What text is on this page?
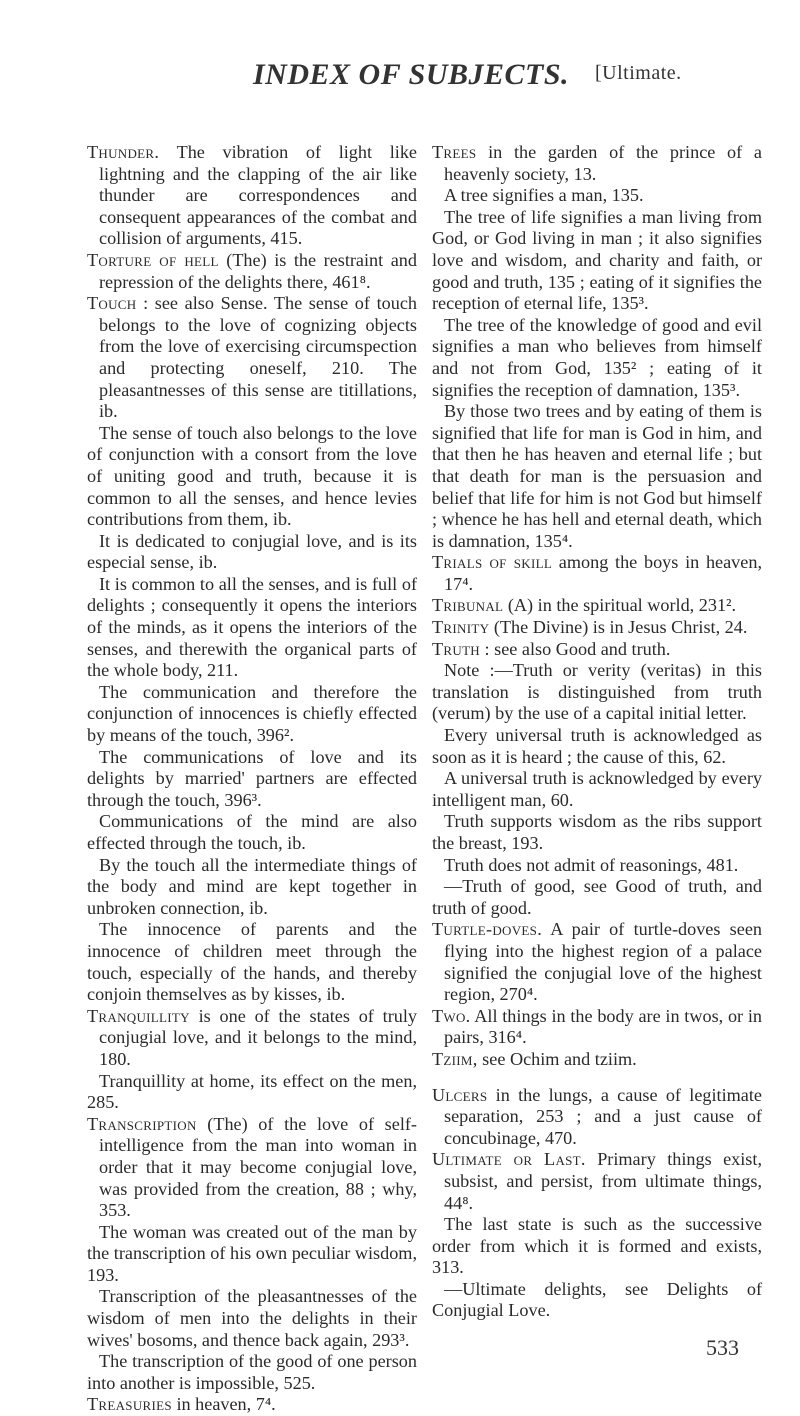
INDEX OF SUBJECTS. [Ultimate.

Thunder. The vibration of light like lightning and the clapping of the air like thunder are correspondences and consequent appearances of the combat and collision of arguments, 415.

Torture of hell (The) is the restraint and repression of the delights there, 461⁸.

Touch : see also Sense. The sense of touch belongs to the love of cognizing objects from the love of exercising circumspection and protecting oneself, 210. The pleasantnesses of this sense are titillations, ib.

The sense of touch also belongs to the love of conjunction with a consort from the love of uniting good and truth, because it is common to all the senses, and hence levies contributions from them, ib.

It is dedicated to conjugial love, and is its especial sense, ib.

It is common to all the senses, and is full of delights ; consequently it opens the interiors of the minds, as it opens the interiors of the senses, and therewith the organical parts of the whole body, 211.

The communication and therefore the conjunction of innocences is chiefly effected by means of the touch, 396².

The communications of love and its delights by married' partners are effected through the touch, 396³.

Communications of the mind are also effected through the touch, ib.

By the touch all the intermediate things of the body and mind are kept together in unbroken connection, ib.

The innocence of parents and the innocence of children meet through the touch, especially of the hands, and thereby conjoin themselves as by kisses, ib.

Tranquillity is one of the states of truly conjugial love, and it belongs to the mind, 180.

Tranquillity at home, its effect on the men, 285.

Transcription (The) of the love of self-intelligence from the man into woman in order that it may become conjugial love, was provided from the creation, 88 ; why, 353.

The woman was created out of the man by the transcription of his own peculiar wisdom, 193.

Transcription of the pleasantnesses of the wisdom of men into the delights in their wives' bosoms, and thence back again, 293³.

The transcription of the good of one person into another is impossible, 525.

Treasuries in heaven, 7⁴.

Trees in the garden of the prince of a heavenly society, 13.

A tree signifies a man, 135.

The tree of life signifies a man living from God, or God living in man ; it also signifies love and wisdom, and charity and faith, or good and truth, 135 ; eating of it signifies the reception of eternal life, 135³.

The tree of the knowledge of good and evil signifies a man who believes from himself and not from God, 135² ; eating of it signifies the reception of damnation, 135³.

By those two trees and by eating of them is signified that life for man is God in him, and that then he has heaven and eternal life ; but that death for man is the persuasion and belief that life for him is not God but himself ; whence he has hell and eternal death, which is damnation, 135⁴.

Trials of skill among the boys in heaven, 17⁴.

Tribunal (A) in the spiritual world, 231².

Trinity (The Divine) is in Jesus Christ, 24.

Truth : see also Good and truth.

Note :—Truth or verity (veritas) in this translation is distinguished from truth (verum) by the use of a capital initial letter.

Every universal truth is acknowledged as soon as it is heard ; the cause of this, 62.

A universal truth is acknowledged by every intelligent man, 60.

Truth supports wisdom as the ribs support the breast, 193.

Truth does not admit of reasonings, 481.

—Truth of good, see Good of truth, and truth of good.

Turtle-doves. A pair of turtle-doves seen flying into the highest region of a palace signified the conjugial love of the highest region, 270⁴.

Two. All things in the body are in twos, or in pairs, 316⁴.

Tziim, see Ochim and tziim.

Ulcers in the lungs, a cause of legitimate separation, 253 ; and a just cause of concubinage, 470.

Ultimate or Last. Primary things exist, subsist, and persist, from ultimate things, 44⁸.

The last state is such as the successive order from which it is formed and exists, 313.

—Ultimate delights, see Delights of Conjugial Love.

533
